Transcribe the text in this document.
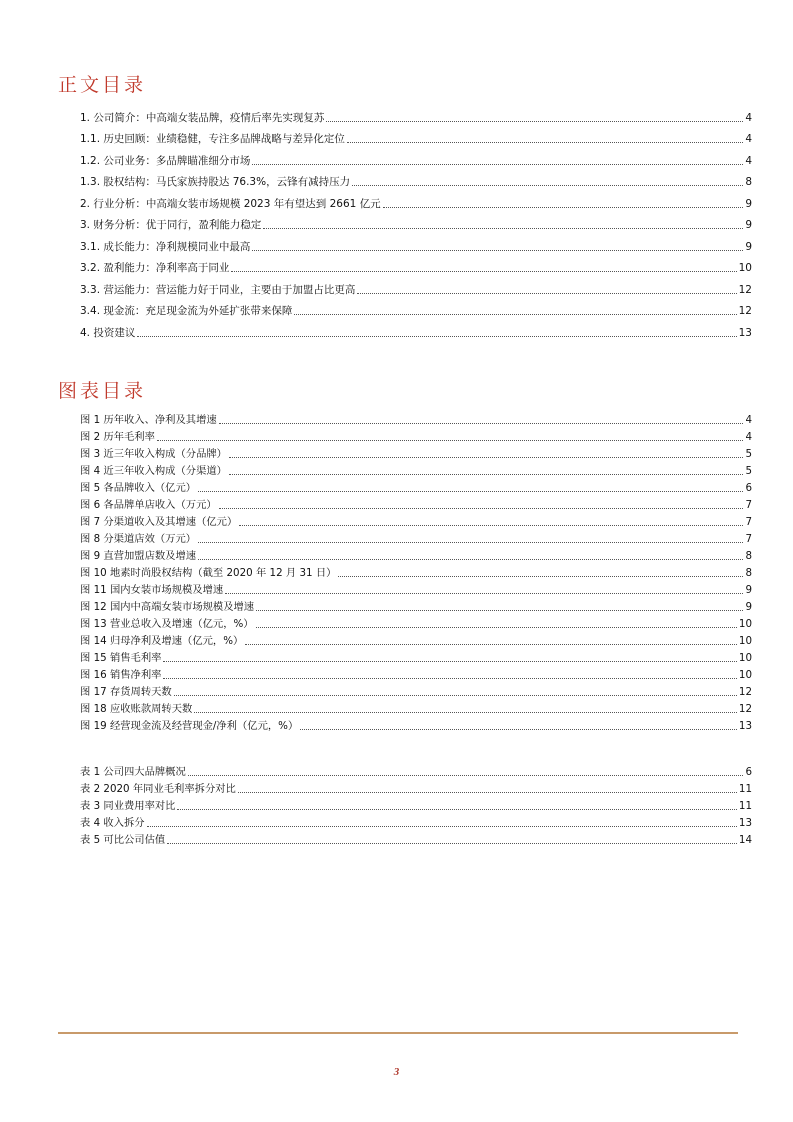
正文目录
1. 公司简介：中高端女装品牌，疫情后率先实现复苏	4
1.1. 历史回顾：业绩稳健，专注多品牌战略与差异化定位	4
1.2. 公司业务：多品牌瞄准细分市场	4
1.3. 股权结构：马氏家族持股达 76.3%，云锋有减持压力	8
2. 行业分析：中高端女装市场规模 2023 年有望达到 2661 亿元	9
3. 财务分析：优于同行，盈利能力稳定	9
3.1. 成长能力：净利规模同业中最高	9
3.2. 盈利能力：净利率高于同业	10
3.3. 营运能力：营运能力好于同业，主要由于加盟占比更高	12
3.4. 现金流：充足现金流为外延扩张带来保障	12
4. 投资建议	13
图表目录
图 1 历年收入、净利及其增速	4
图 2 历年毛利率	4
图 3 近三年收入构成（分品牌）	5
图 4 近三年收入构成（分渠道）	5
图 5 各品牌收入（亿元）	6
图 6 各品牌单店收入（万元）	7
图 7 分渠道收入及其增速（亿元）	7
图 8 分渠道店效（万元）	7
图 9 直营加盟店数及增速	8
图 10 地素时尚股权结构（截至 2020 年 12 月 31 日）	8
图 11 国内女装市场规模及增速	9
图 12 国内中高端女装市场规模及增速	9
图 13 营业总收入及增速（亿元，%）	10
图 14 归母净利及增速（亿元，%）	10
图 15 销售毛利率	10
图 16 销售净利率	10
图 17 存货周转天数	12
图 18 应收账款周转天数	12
图 19 经营现金流及经营现金/净利（亿元，%）	13
表 1 公司四大品牌概况	6
表 2 2020 年同业毛利率拆分对比	11
表 3 同业费用率对比	11
表 4 收入拆分	13
表 5 可比公司估值	14
3
